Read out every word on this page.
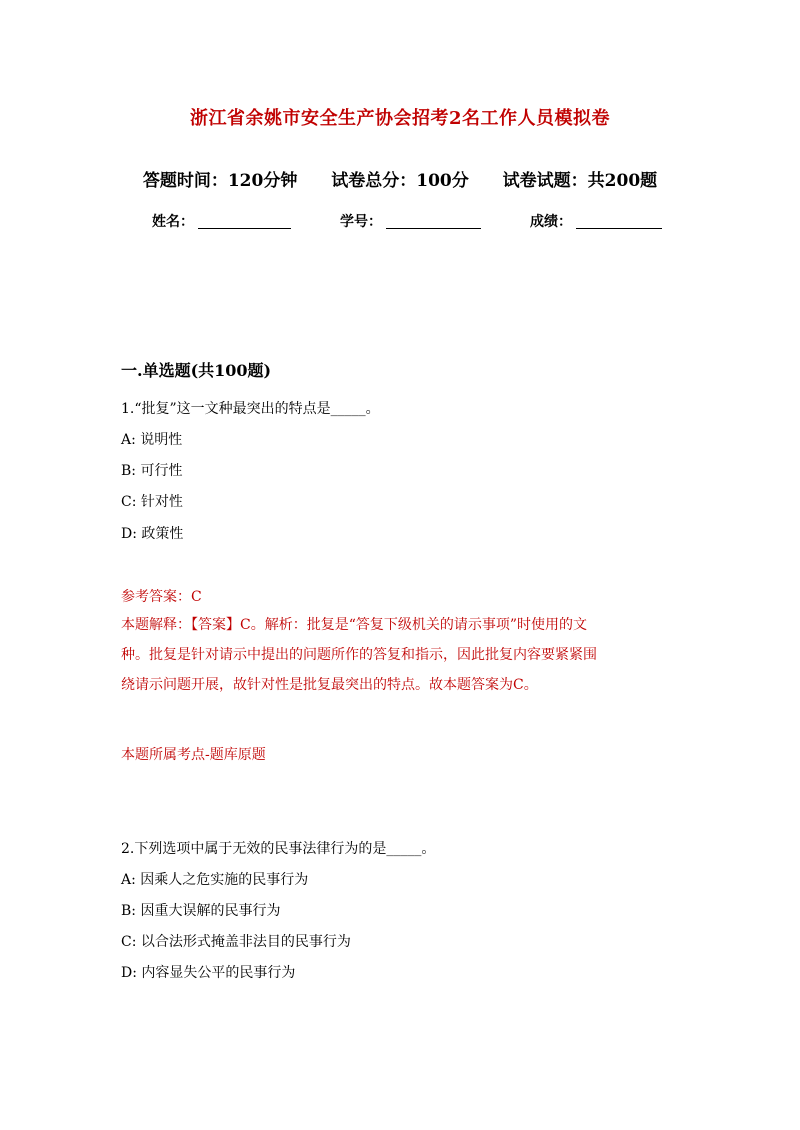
浙江省余姚市安全生产协会招考2名工作人员模拟卷
答题时间：120分钟 试卷总分：100分 试卷试题：共200题
姓名：	学号：	成绩：
一.单选题(共100题)
1.“批复”这一文种最突出的特点是_____。
A: 说明性
B: 可行性
C: 针对性
D: 政策性
参考答案：C
本题解释：【答案】C。解析：批复是“答复下级机关的请示事项”时使用的文
种。批复是针对请示中提出的问题所作的答复和指示，因此批复内容要紧紧围
绕请示问题开展，故针对性是批复最突出的特点。故本题答案为C。
本题所属考点-题库原题
2.下列选项中属于无效的民事法律行为的是_____。
A: 因乘人之危实施的民事行为
B: 因重大误解的民事行为
C: 以合法形式掩盖非法目的民事行为
D: 内容显失公平的民事行为
